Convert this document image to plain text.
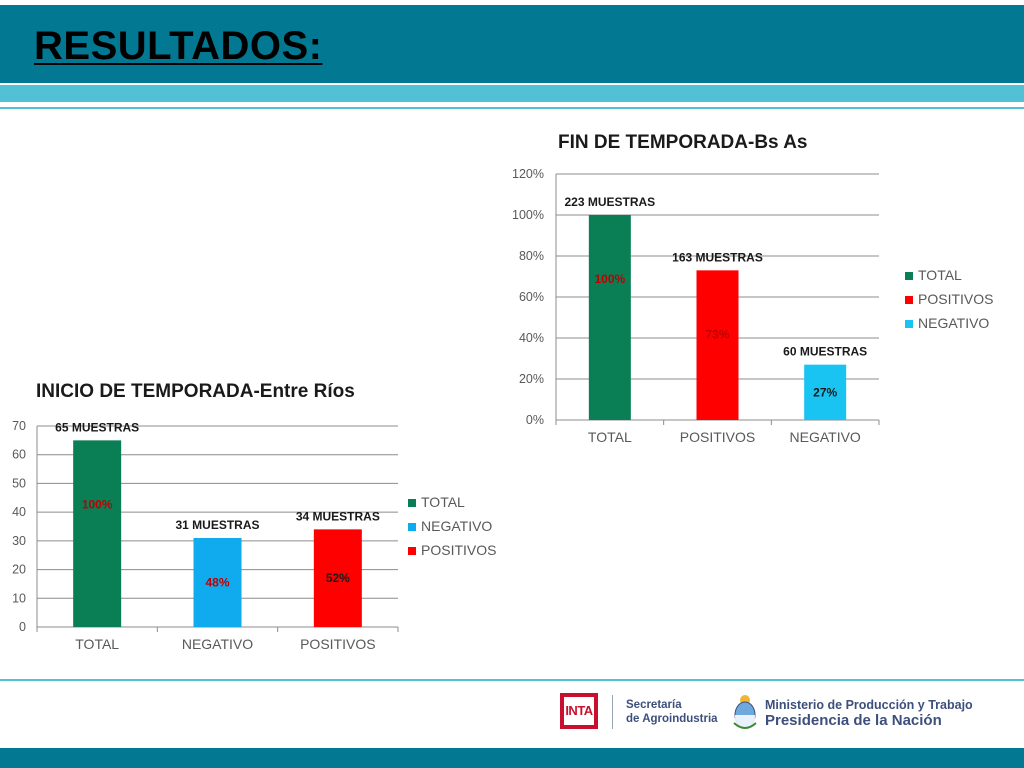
RESULTADOS:
FIN DE TEMPORADA-Bs As
INICIO DE TEMPORADA-Entre Ríos
0%
20%
40%
60%
80%
100%
120%
223 MUESTRAS
100%
TOTAL
163 MUESTRAS
73%
POSITIVOS
60 MUESTRAS
27%
NEGATIVO
TOTAL
POSITIVOS
NEGATIVO
0
10
20
30
40
50
60
70 65 MUESTRAS
100%
TOTAL
31 MUESTRAS
48%
NEGATIVO
34 MUESTRAS
52%
POSITIVOS
TOTAL
NEGATIVO
POSITIVOS
INTA	Secretaría
de Agroindustria
Ministerio de Producción y Trabajo
Presidencia de la Nación
